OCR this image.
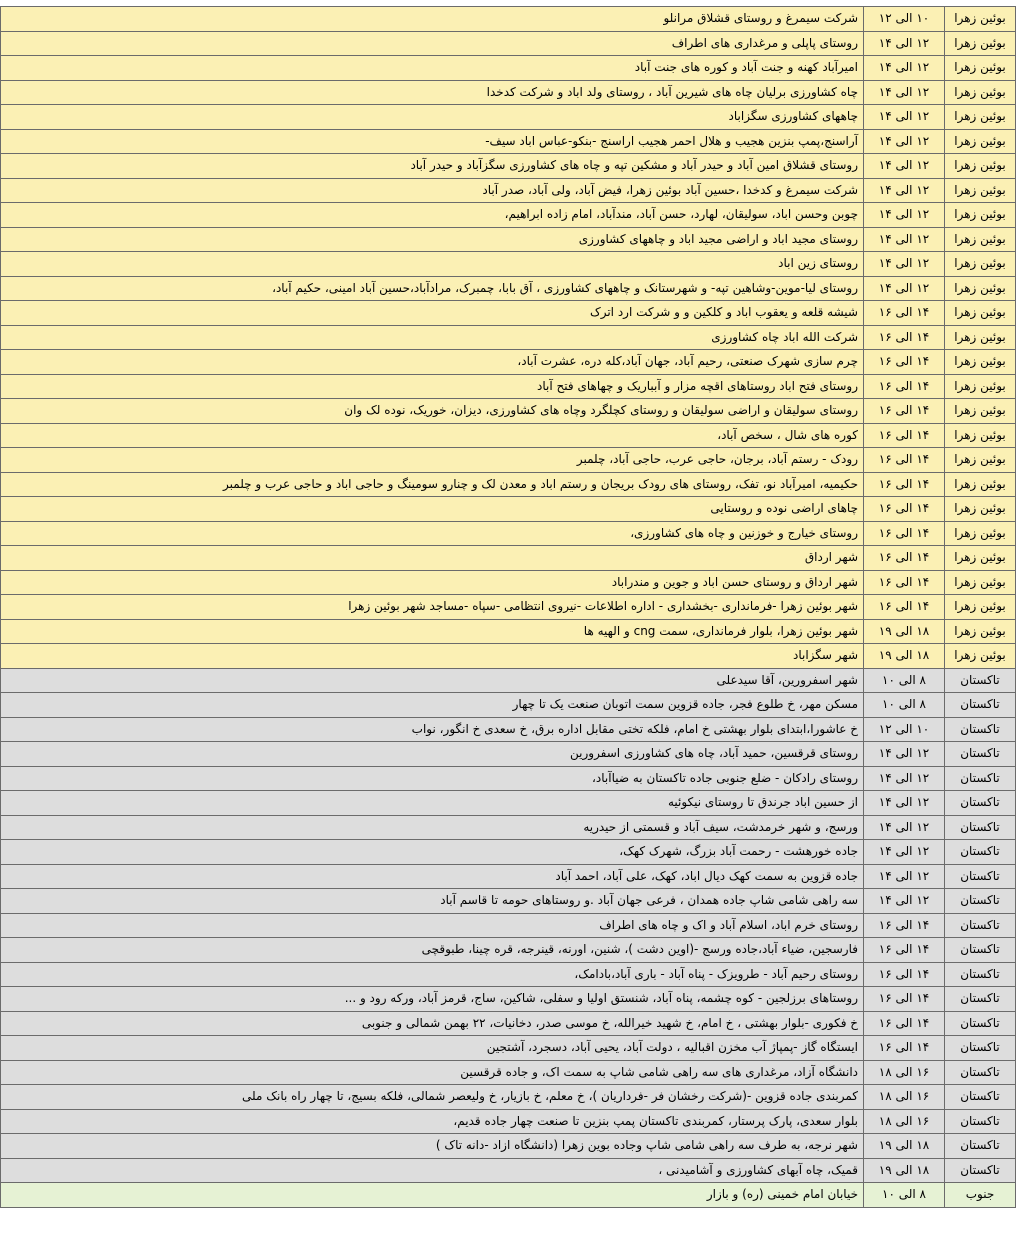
بوئین زهرا	۱۰ الی ۱۲	شرکت سیمرغ و روستای قشلاق مرانلو
بوئین زهرا	۱۲ الی ۱۴	روستای پاپلی و مرغداری های اطراف
بوئین زهرا	۱۲ الی ۱۴	امیرآباد کهنه و جنت آباد و کوره های جنت آباد
بوئین زهرا	۱۲ الی ۱۴	چاه کشاورزی برلیان چاه های شیرین آباد ، روستای ولد اباد و شرکت کدخدا
بوئین زهرا	۱۲ الی ۱۴	چاههای کشاورزی سگزاباد
بوئین زهرا	۱۲ الی ۱۴	آراسنج،پمپ بنزین هجیب و هلال احمر هجیب اراسنج -بنکو-عباس اباد سیف-
بوئین زهرا	۱۲ الی ۱۴	روستای قشلاق امین آباد و حیدر آباد و مشکین تپه و چاه های کشاورزی سگزآباد و حیدر آباد
بوئین زهرا	۱۲ الی ۱۴	شرکت سیمرغ و کدخدا ،حسین آباد بوئین زهرا، فیض آباد، ولی آباد، صدر آباد
بوئین زهرا	۱۲ الی ۱۴	چوبن وحسن اباد، سولیقان، لهارد، حسن آباد، مندآباد، امام زاده ابراهیم،
بوئین زهرا	۱۲ الی ۱۴	روستای مجید اباد و اراضی مجید اباد و چاههای کشاورزی
بوئین زهرا	۱۲ الی ۱۴	روستای زین اباد
بوئین زهرا	۱۲ الی ۱۴	روستای لیا-موین-وشاهین تپه- و شهرستانک و چاههای کشاورزی ، آق بابا، چمبرک، مرادآباد،حسین آباد امینی، حکیم آباد،
بوئین زهرا	۱۴ الی ۱۶	شیشه قلعه و یعقوب اباد و کلکین و و شرکت ارد اترک
بوئین زهرا	۱۴ الی ۱۶	شرکت الله اباد چاه کشاورزی
بوئین زهرا	۱۴ الی ۱۶	چرم سازی شهرک صنعتی، رحیم آباد، جهان آباد،کله دره، عشرت آباد،
بوئین زهرا	۱۴ الی ۱۶	روستای فتح اباد روستاهای اقچه مزار و آبباریک و چهاهای فتح آباد
بوئین زهرا	۱۴ الی ۱۶	روستای سولیقان و اراضی سولیقان و روستای کچلگرد وچاه های کشاورزی، دیزان، خوریک، نوده لک وان
بوئین زهرا	۱۴ الی ۱۶	کوره های شال ، سخص آباد،
بوئین زهرا	۱۴ الی ۱۶	رودک - رستم آباد، برجان، حاجی عرب، حاجی آباد، چلمبر
بوئین زهرا	۱۴ الی ۱۶	حکیمیه، امیرآباد نو، تفک، روستای های رودک بریجان و رستم اباد و معدن لک و چنارو سومینگ و حاجی اباد و حاجی عرب و چلمبر
بوئین زهرا	۱۴ الی ۱۶	چاهای اراضی نوده و روستایی
بوئین زهرا	۱۴ الی ۱۶	روستای خیارج و خوزنین و چاه های کشاورزی،
بوئین زهرا	۱۴ الی ۱۶	شهر ارداق
بوئین زهرا	۱۴ الی ۱۶	شهر ارداق و روستای حسن اباد و جوین و مندراباد
بوئین زهرا	۱۴ الی ۱۶	شهر بوئین زهرا -فرمانداری -بخشداری - اداره اطلاعات -نیروی انتظامی -سپاه -مساجد شهر بوئین زهرا
بوئین زهرا	۱۸ الی ۱۹	شهر بوئین زهرا، بلوار فرمانداری، سمت cng و الهیه ها
بوئین زهرا	۱۸ الی ۱۹	شهر سگزاباد
تاکستان	۸ الی ۱۰	شهر اسفرورین، آقا سیدعلی
تاکستان	۸ الی ۱۰	مسکن مهر، خ طلوع فجر، جاده قزوین سمت اتوبان صنعت یک تا چهار
تاکستان	۱۰ الی ۱۲	خ عاشورا،ابتدای بلوار بهشتی خ امام، فلکه تختی مقابل اداره برق، خ سعدی خ انگور، نواب
تاکستان	۱۲ الی ۱۴	روستای قرقسین، حمید آباد، چاه های کشاورزی اسفرورین
تاکستان	۱۲ الی ۱۴	روستای رادکان - ضلع جنوبی جاده تاکستان به ضیاآباد،
تاکستان	۱۲ الی ۱۴	از حسین اباد جرندق تا روستای نیکوئیه
تاکستان	۱۲ الی ۱۴	ورسج، و شهر خرمدشت، سیف آباد و قسمتی از حیدریه
تاکستان	۱۲ الی ۱۴	جاده خورهشت - رحمت آباد بزرگ، شهرک کهک،
تاکستان	۱۲ الی ۱۴	جاده قزوین به سمت کهک دیال اباد، کهک، علی آباد، احمد آباد
تاکستان	۱۲ الی ۱۴	سه راهی شامی شاپ جاده همدان ، فرعی جهان آباد .و روستاهای حومه تا قاسم آباد
تاکستان	۱۴ الی ۱۶	روستای خرم اباد، اسلام آباد و اک و چاه های اطراف
تاکستان	۱۴ الی ۱۶	فارسجین، ضیاء آباد،جاده ورسج -(اوین دشت )، شنین، اورنه، قینرجه، قره چینا، طبوقچی
تاکستان	۱۴ الی ۱۶	روستای رحیم آباد - طرویزک - پناه آباد - باری آباد،بادامک،
تاکستان	۱۴ الی ۱۶	روستاهای برزلجین - کوه چشمه، پناه آباد، شنستق اولیا و سفلی، شاکین، ساج، قرمز آباد، ورکه رود و ...
تاکستان	۱۴ الی ۱۶	خ فکوری -بلوار بهشتی ، خ امام، خ شهید خیرالله، خ موسی صدر، دخانیات، ۲۲ بهمن شمالی و جنوبی
تاکستان	۱۴ الی ۱۶	ایستگاه گاز -پمپاژ آب مخزن اقبالیه ، دولت آباد، یحیی آباد، دسجرد، آشتجین
تاکستان	۱۶ الی ۱۸	دانشگاه آزاد، مرغداری های سه راهی شامی شاپ به سمت اک، و جاده قرقسین
تاکستان	۱۶ الی ۱۸	کمربندی جاده قزوین -(شرکت رخشان فر -فرداریان )، خ معلم، خ بازیار، خ ولیعصر شمالی، فلکه بسیج، تا چهار راه بانک ملی
تاکستان	۱۶ الی ۱۸	بلوار سعدی، پارک پرستار، کمربندی تاکستان پمپ بنزین تا صنعت چهار جاده قدیم،
تاکستان	۱۸ الی ۱۹	شهر نرجه، به طرف سه راهی شامی شاپ وجاده بوین زهرا (دانشگاه ازاد -دانه تاک )
تاکستان	۱۸ الی ۱۹	قمیک، چاه آبهای کشاورزی و آشامیدنی ،
جنوب	۸ الی ۱۰	خیابان امام خمینی (ره) و بازار
